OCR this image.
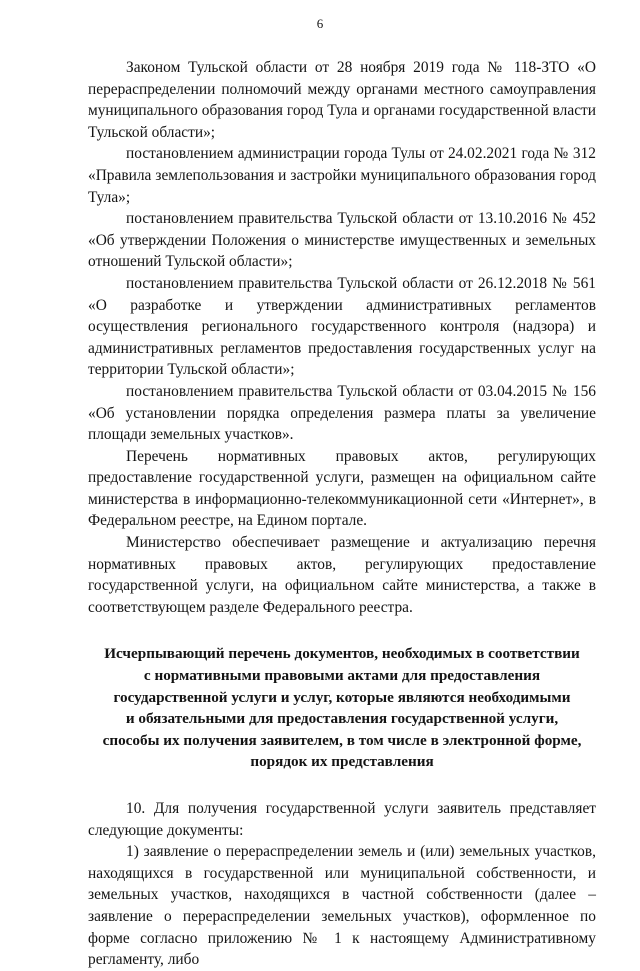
6

Законом Тульской области от 28 ноября 2019 года № 118-ЗТО «О перераспределении полномочий между органами местного самоуправления муниципального образования город Тула и органами государственной власти Тульской области»;

постановлением администрации города Тулы от 24.02.2021 года № 312 «Правила землепользования и застройки муниципального образования город Тула»;

постановлением правительства Тульской области от 13.10.2016 № 452 «Об утверждении Положения о министерстве имущественных и земельных отношений Тульской области»;

постановлением правительства Тульской области от 26.12.2018 № 561 «О разработке и утверждении административных регламентов осуществления регионального государственного контроля (надзора) и административных регламентов предоставления государственных услуг на территории Тульской области»;

постановлением правительства Тульской области от 03.04.2015 № 156 «Об установлении порядка определения размера платы за увеличение площади земельных участков».

Перечень нормативных правовых актов, регулирующих предоставление государственной услуги, размещен на официальном сайте министерства в информационно-телекоммуникационной сети «Интернет», в Федеральном реестре, на Едином портале.

Министерство обеспечивает размещение и актуализацию перечня нормативных правовых актов, регулирующих предоставление государственной услуги, на официальном сайте министерства, а также в соответствующем разделе Федерального реестра.

Исчерпывающий перечень документов, необходимых в соответствии
с нормативными правовыми актами для предоставления
государственной услуги и услуг, которые являются необходимыми
и обязательными для предоставления государственной услуги,
способы их получения заявителем, в том числе в электронной форме,
порядок их представления

10. Для получения государственной услуги заявитель представляет следующие документы:

1) заявление о перераспределении земель и (или) земельных участков, находящихся в государственной или муниципальной собственности, и земельных участков, находящихся в частной собственности (далее – заявление о перераспределении земельных участков), оформленное по форме согласно приложению № 1 к настоящему Административному регламенту, либо
